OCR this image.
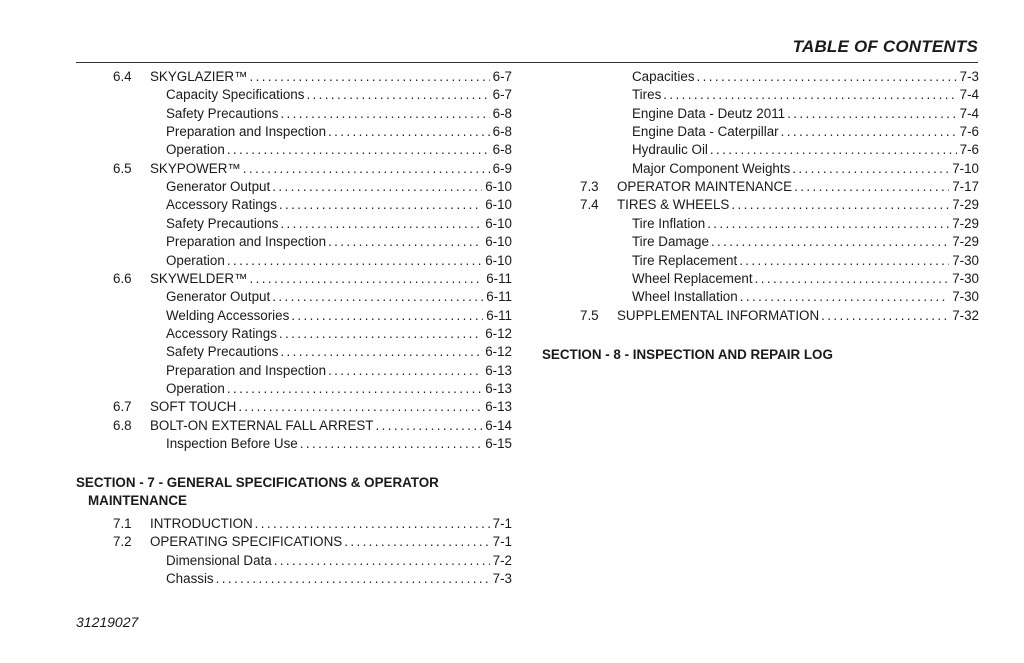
TABLE OF CONTENTS
6.4 SKYGLAZIER™ .....	6-7
Capacity Specifications .....	6-7
Safety Precautions .....	6-8
Preparation and Inspection .....	6-8
Operation .....	6-8
6.5 SKYPOWER™ .....	6-9
Generator Output .....	6-10
Accessory Ratings .....	6-10
Safety Precautions .....	6-10
Preparation and Inspection .....	6-10
Operation .....	6-10
6.6 SKYWELDER™ .....	6-11
Generator Output .....	6-11
Welding Accessories .....	6-11
Accessory Ratings .....	6-12
Safety Precautions .....	6-12
Preparation and Inspection .....	6-13
Operation .....	6-13
6.7 SOFT TOUCH .....	6-13
6.8 BOLT-ON EXTERNAL FALL ARREST .....	6-14
Inspection Before Use .....	6-15
SECTION - 7 - GENERAL SPECIFICATIONS & OPERATOR
MAINTENANCE
7.1 INTRODUCTION .....	7-1
7.2 OPERATING SPECIFICATIONS .....	7-1
Dimensional Data .....	7-2
Chassis .....	7-3
Capacities .....	7-3
Tires .....	7-4
Engine Data - Deutz 2011 .....	7-4
Engine Data - Caterpillar .....	7-6
Hydraulic Oil .....	7-6
Major Component Weights .....	7-10
7.3 OPERATOR MAINTENANCE .....	7-17
7.4 TIRES & WHEELS .....	7-29
Tire Inflation .....	7-29
Tire Damage .....	7-29
Tire Replacement .....	7-30
Wheel Replacement .....	7-30
Wheel Installation .....	7-30
7.5 SUPPLEMENTAL INFORMATION .....	7-32
SECTION - 8 - INSPECTION AND REPAIR LOG
31219027
